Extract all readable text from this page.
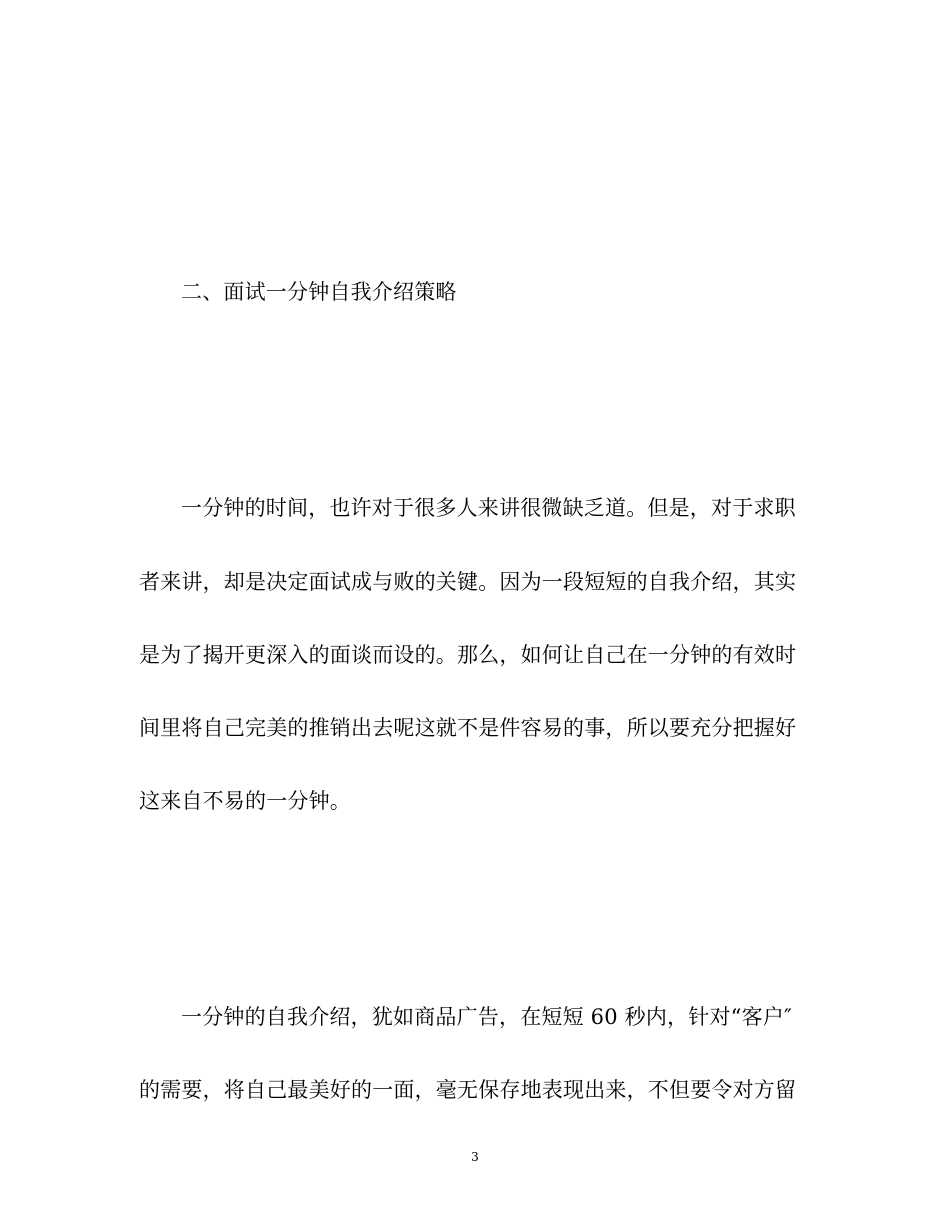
二、面试一分钟自我介绍策略
一分钟的时间，也许对于很多人来讲很微缺乏道。但是，对于求职
者来讲，却是决定面试成与败的关键。因为一段短短的自我介绍，其实
是为了揭开更深入的面谈而设的。那么，如何让自己在一分钟的有效时
间里将自己完美的推销出去呢这就不是件容易的事，所以要充分把握好
这来自不易的一分钟。
一分钟的自我介绍，犹如商品广告，在短短 60 秒内，针对“客户″
的需要，将自己最美好的一面，毫无保存地表现出来，不但要令对方留
3
